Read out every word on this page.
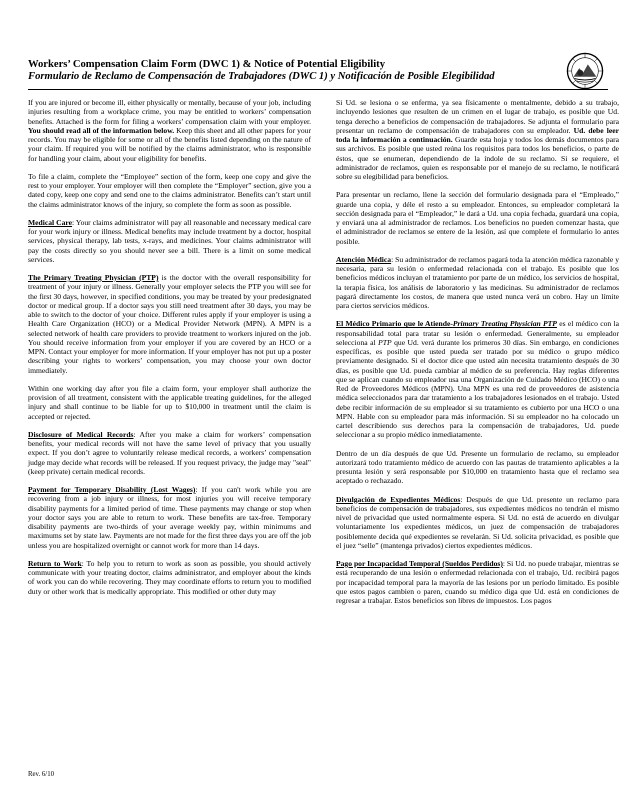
Workers’ Compensation Claim Form (DWC 1) & Notice of Potential Eligibility
Formulario de Reclamo de Compensación de Trabajadores (DWC 1) y Notificación de Posible Elegibilidad

If you are injured or become ill, either physically or mentally, because of your job, including injuries resulting from a workplace crime, you may be entitled to workers’ compensation benefits. Attached is the form for filing a workers’ compensation claim with your employer. You should read all of the information below. Keep this sheet and all other papers for your records. You may be eligible for some or all of the benefits listed depending on the nature of your claim. If required you will be notified by the claims administrator, who is responsible for handling your claim, about your eligibility for benefits.

To file a claim, complete the “Employee” section of the form, keep one copy and give the rest to your employer. Your employer will then complete the “Employer” section, give you a dated copy, keep one copy and send one to the claims administrator. Benefits can’t start until the claims administrator knows of the injury, so complete the form as soon as possible.

Medical Care: Your claims administrator will pay all reasonable and necessary medical care for your work injury or illness. Medical benefits may include treatment by a doctor, hospital services, physical therapy, lab tests, x-rays, and medicines. Your claims administrator will pay the costs directly so you should never see a bill. There is a limit on some medical services.

The Primary Treating Physician (PTP) is the doctor with the overall responsibility for treatment of your injury or illness. Generally your employer selects the PTP you will see for the first 30 days, however, in specified conditions, you may be treated by your predesignated doctor or medical group. If a doctor says you still need treatment after 30 days, you may be able to switch to the doctor of your choice. Different rules apply if your employer is using a Health Care Organization (HCO) or a Medical Provider Network (MPN). A MPN is a selected network of health care providers to provide treatment to workers injured on the job. You should receive information from your employer if you are covered by an HCO or a MPN. Contact your employer for more information. If your employer has not put up a poster describing your rights to workers’ compensation, you may choose your own doctor immediately.

Within one working day after you file a claim form, your employer shall authorize the provision of all treatment, consistent with the applicable treating guidelines, for the alleged injury and shall continue to be liable for up to $10,000 in treatment until the claim is accepted or rejected.

Disclosure of Medical Records: After you make a claim for workers’ compensation benefits, your medical records will not have the same level of privacy that you usually expect. If you don’t agree to voluntarily release medical records, a workers’ compensation judge may decide what records will be released. If you request privacy, the judge may "seal" (keep private) certain medical records.

Payment for Temporary Disability (Lost Wages): If you can't work while you are recovering from a job injury or illness, for most injuries you will receive temporary disability payments for a limited period of time. These payments may change or stop when your doctor says you are able to return to work. These benefits are tax-free. Temporary disability payments are two-thirds of your average weekly pay, within minimums and maximums set by state law. Payments are not made for the first three days you are off the job unless you are hospitalized overnight or cannot work for more than 14 days.

Return to Work: To help you to return to work as soon as possible, you should actively communicate with your treating doctor, claims administrator, and employer about the kinds of work you can do while recovering. They may coordinate efforts to return you to modified duty or other work that is medically appropriate. This modified or other duty may

Si Ud. se lesiona o se enferma, ya sea físicamente o mentalmente, debido a su trabajo, incluyendo lesiones que resulten de un crimen en el lugar de trabajo, es posible que Ud. tenga derecho a beneficios de compensación de trabajadores. Se adjunta el formulario para presentar un reclamo de compensación de trabajadores con su empleador. Ud. debe leer toda la información a continuación. Guarde esta hoja y todos los demás documentos para sus archivos. Es posible que usted reúna los requisitos para todos los beneficios, o parte de éstos, que se enumeran, dependiendo de la índole de su reclamo. Si se requiere, el administrador de reclamos, quien es responsable por el manejo de su reclamo, le notificará sobre su elegibilidad para beneficios.

Para presentar un reclamo, llene la sección del formulario designada para el “Empleado,” guarde una copia, y déle el resto a su empleador. Entonces, su empleador completará la sección designada para el “Empleador,” le dará a Ud. una copia fechada, guardará una copia, y enviará una al administrador de reclamos. Los beneficios no pueden comenzar hasta, que el administrador de reclamos se entere de la lesión, así que complete el formulario lo antes posible.

Atención Médica: Su administrador de reclamos pagará toda la atención médica razonable y necesaria, para su lesión o enfermedad relacionada con el trabajo. Es posible que los beneficios médicos incluyan el tratamiento por parte de un médico, los servicios de hospital, la terapia física, los análisis de laboratorio y las medicinas. Su administrador de reclamos pagará directamente los costos, de manera que usted nunca verá un cobro. Hay un límite para ciertos servicios médicos.

El Médico Primario que le Atiende-Primary Treating Physician PTP es el médico con la responsabilidad total para tratar su lesión o enfermedad. Generalmente, su empleador selecciona al PTP que Ud. verá durante los primeros 30 días. Sin embargo, en condiciones específicas, es posible que usted pueda ser tratado por su médico o grupo médico previamente designado. Si el doctor dice que usted aún necesita tratamiento después de 30 días, es posible que Ud. pueda cambiar al médico de su preferencia. Hay reglas diferentes que se aplican cuando su empleador usa una Organización de Cuidado Médico (HCO) o una Red de Proveedores Médicos (MPN). Una MPN es una red de proveedores de asistencia médica seleccionados para dar tratamiento a los trabajadores lesionados en el trabajo. Usted debe recibir información de su empleador si su tratamiento es cubierto por una HCO o una MPN. Hable con su empleador para más información. Si su empleador no ha colocado un cartel describiendo sus derechos para la compensación de trabajadores, Ud. puede seleccionar a su propio médico inmediatamente.

Dentro de un día después de que Ud. Presente un formulario de reclamo, su empleador autorizará todo tratamiento médico de acuerdo con las pautas de tratamiento aplicables a la presunta lesión y será responsable por $10,000 en tratamiento hasta que el reclamo sea aceptado o rechazado.

Divulgación de Expedientes Médicos: Después de que Ud. presente un reclamo para beneficios de compensación de trabajadores, sus expedientes médicos no tendrán el mismo nivel de privacidad que usted normalmente espera. Si Ud. no está de acuerdo en divulgar voluntariamente los expedientes médicos, un juez de compensación de trabajadores posiblemente decida qué expedientes se revelarán. Si Ud. solicita privacidad, es posible que el juez “selle” (mantenga privados) ciertos expedientes médicos.

Pago por Incapacidad Temporal (Sueldos Perdidos): Si Ud. no puede trabajar, mientras se está recuperando de una lesión o enfermedad relacionada con el trabajo, Ud. recibirá pagos por incapacidad temporal para la mayoría de las lesions por un período limitado. Es posible que estos pagos cambien o paren, cuando su médico diga que Ud. está en condiciones de regresar a trabajar. Estos beneficios son libres de impuestos. Los pagos

Rev. 6/10
